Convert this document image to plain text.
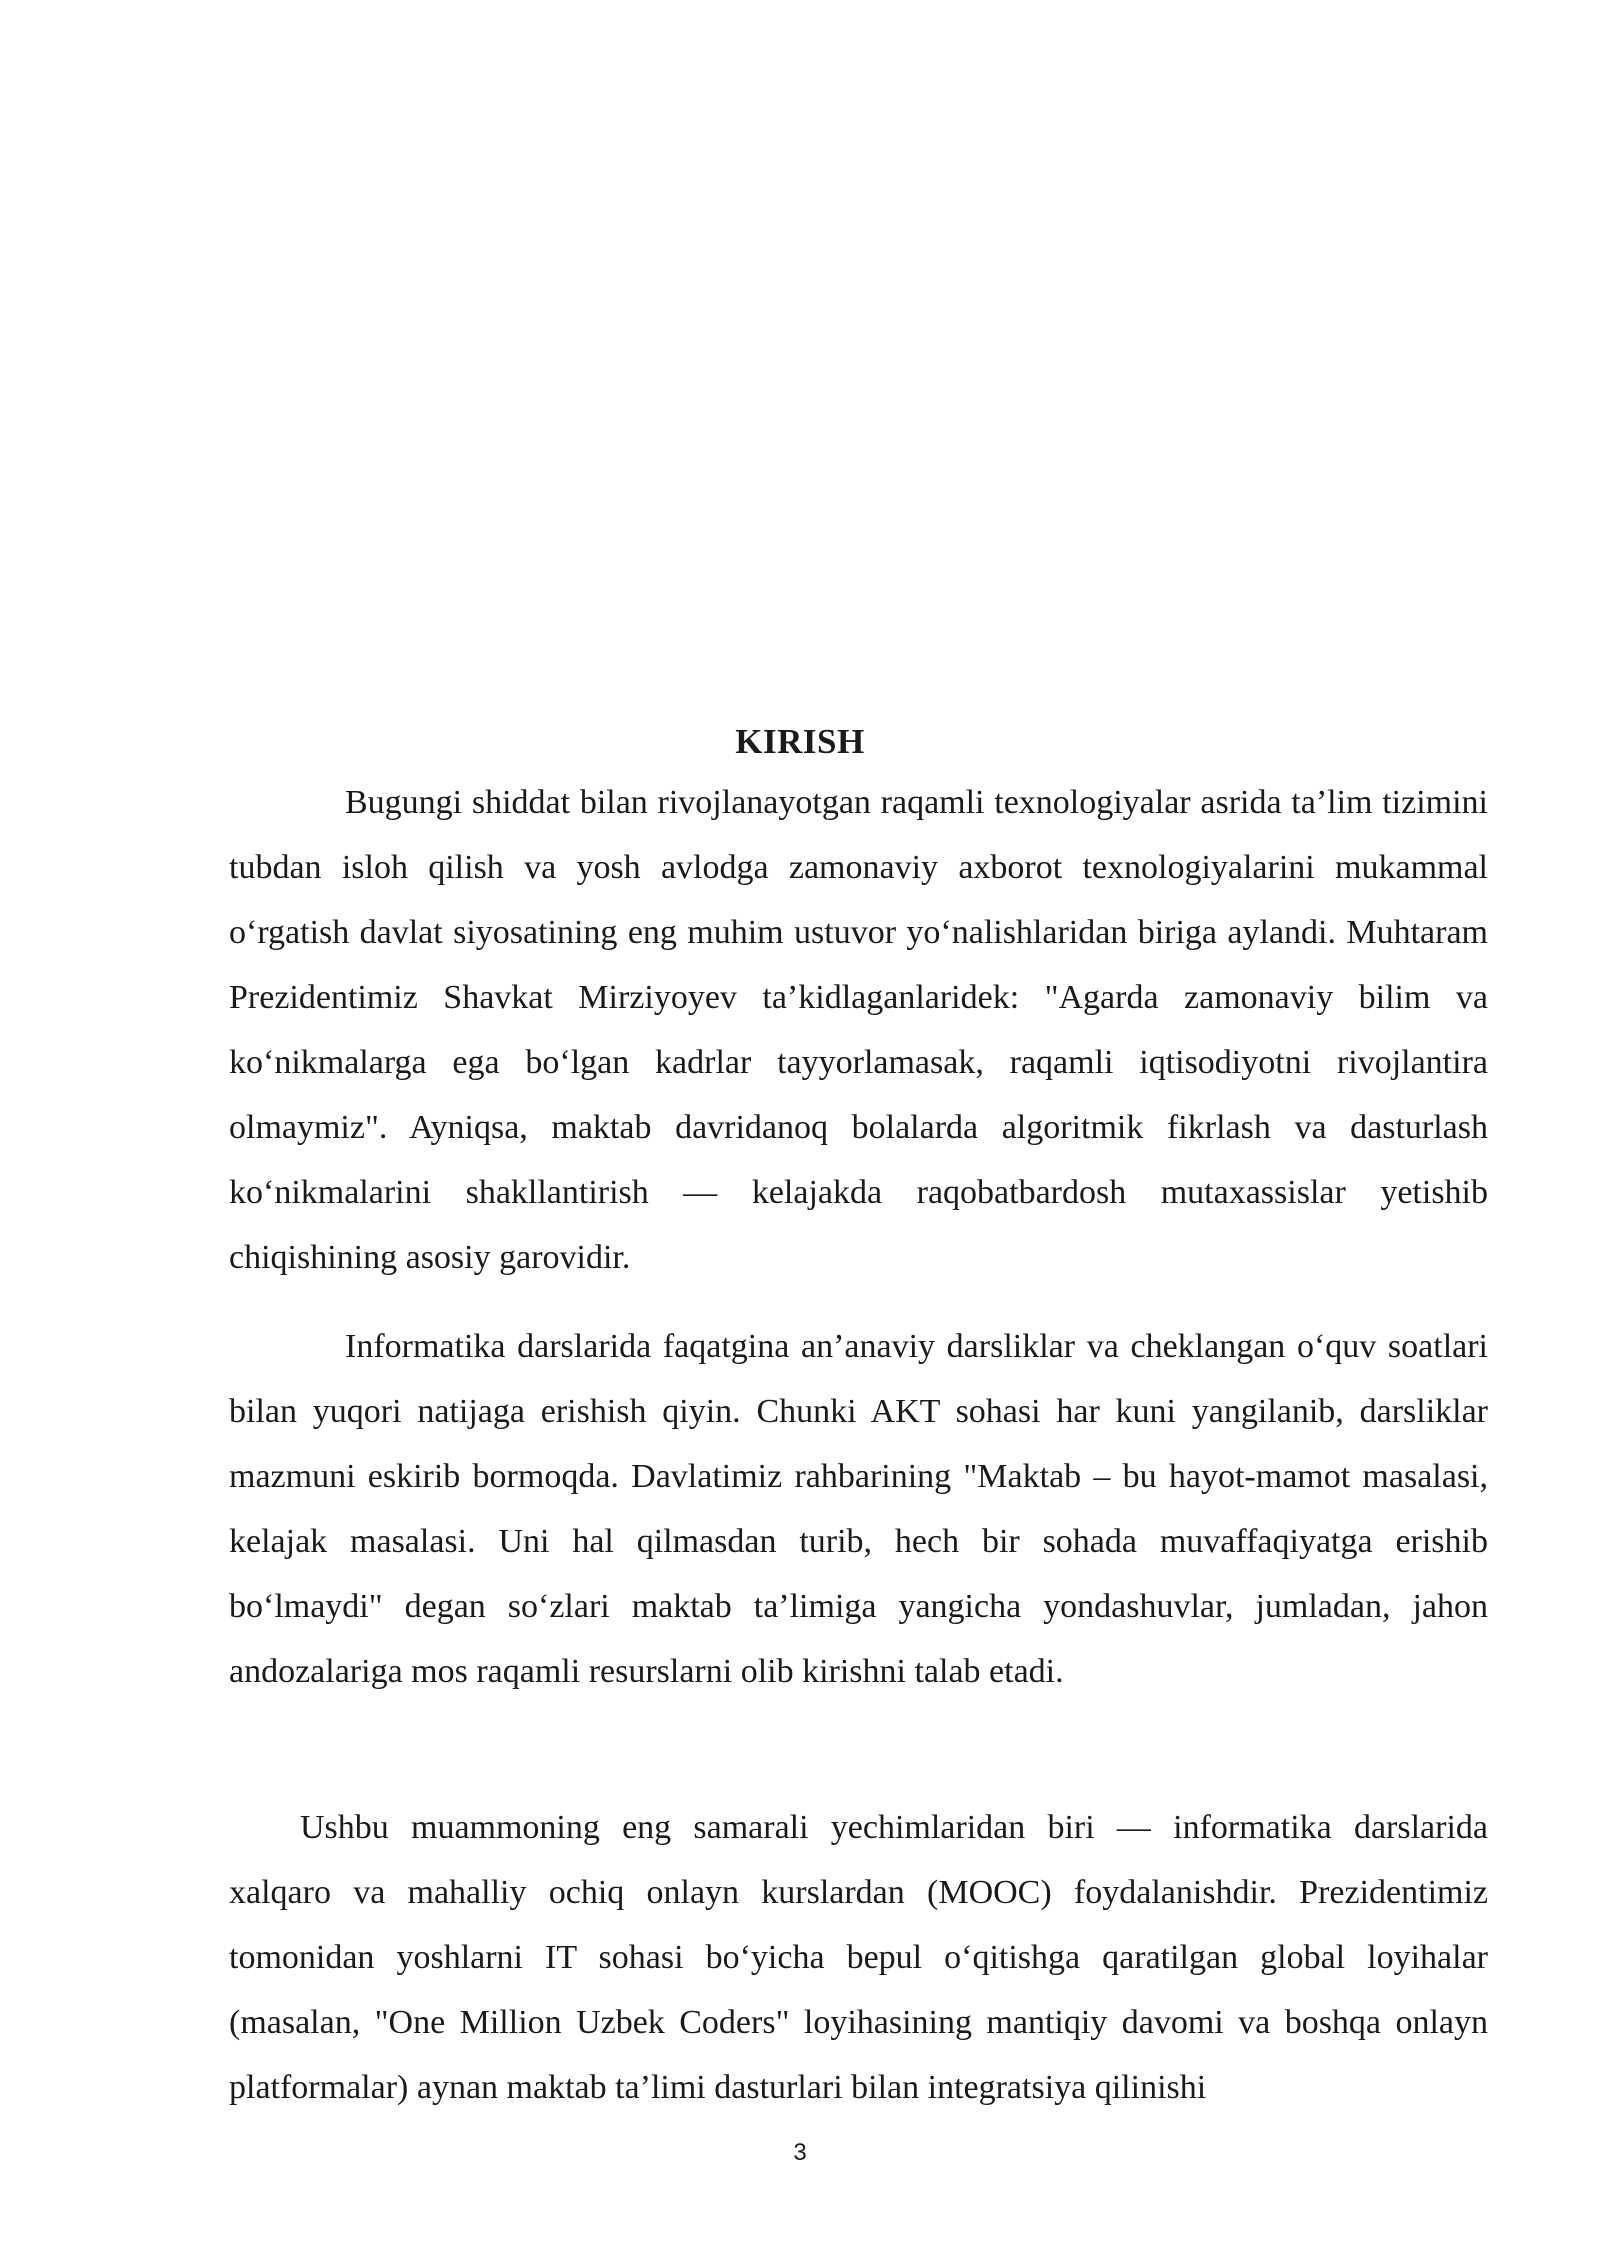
KIRISH

Bugungi shiddat bilan rivojlanayotgan raqamli texnologiyalar asrida ta’lim tizimini tubdan isloh qilish va yosh avlodga zamonaviy axborot texnologiyalarini mukammal o‘rgatish davlat siyosatining eng muhim ustuvor yo‘nalishlaridan biriga aylandi. Muhtaram Prezidentimiz Shavkat Mirziyoyev ta’kidlaganlaridek: "Agarda zamonaviy bilim va ko‘nikmalarga ega bo‘lgan kadrlar tayyorlamasak, raqamli iqtisodiyotni rivojlantira olmaymiz". Ayniqsa, maktab davridanoq bolalarda algoritmik fikrlash va dasturlash ko‘nikmalarini shakllantirish — kelajakda raqobatbardosh mutaxassislar yetishib chiqishining asosiy garovidir.

Informatika darslarida faqatgina an’anaviy darsliklar va cheklangan o‘quv soatlari bilan yuqori natijaga erishish qiyin. Chunki AKT sohasi har kuni yangilanib, darsliklar mazmuni eskirib bormoqda. Davlatimiz rahbarining "Maktab – bu hayot-mamot masalasi, kelajak masalasi. Uni hal qilmasdan turib, hech bir sohada muvaffaqiyatga erishib bo‘lmaydi" degan so‘zlari maktab ta’limiga yangicha yondashuvlar, jumladan, jahon andozalariga mos raqamli resurslarni olib kirishni talab etadi.

Ushbu muammoning eng samarali yechimlaridan biri — informatika darslarida xalqaro va mahalliy ochiq onlayn kurslardan (MOOC) foydalanishdir. Prezidentimiz tomonidan yoshlarni IT sohasi bo‘yicha bepul o‘qitishga qaratilgan global loyihalar (masalan, "One Million Uzbek Coders" loyihasining mantiqiy davomi va boshqa onlayn platformalar) aynan maktab ta’limi dasturlari bilan integratsiya qilinishi

3
